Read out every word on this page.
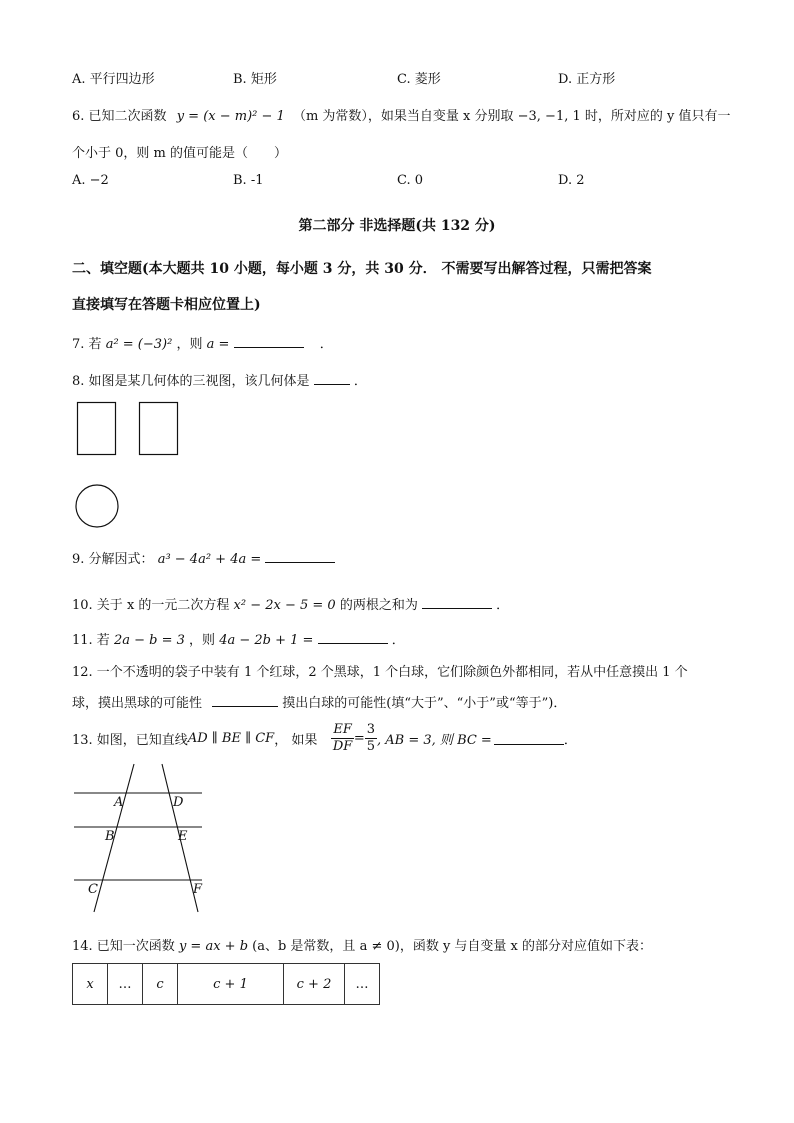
A. 平行四边形	B. 矩形	C. 菱形	D. 正方形
6. 已知二次函数 y = (x − m)² − 1 （m 为常数），如果当自变量 x 分别取 −3, −1, 1 时，所对应的 y 值只有一
个小于 0，则 m 的值可能是（　　）
A. −2	B. -1	C. 0	D. 2
第二部分 非选择题(共 132 分)
二、填空题(本大题共 10 小题，每小题 3 分，共 30 分． 不需要写出解答过程，只需把答案
直接填写在答题卡相应位置上)
7. 若 a² = (−3)² ，则 a =	．
8. 如图是某几何体的三视图，该几何体是	．
9. 分解因式： a³ − 4a² + 4a =
10. 关于 x 的一元二次方程 x² − 2x − 5 = 0 的两根之和为	．
11. 若 2a − b = 3 ，则 4a − 2b + 1 =	．
12. 一个不透明的袋子中装有 1 个红球，2 个黑球，1 个白球，它们除颜色外都相同，若从中任意摸出 1 个
球，摸出黑球的可能性	摸出白球的可能性(填“大于”、“小于”或“等于”)．
13. 如图，已知直线 AD ∥ BE ∥ CF ， 如果 $\frac{EF}{DF} = \frac{3}{5}$ , AB = 3, 则 BC =	．
A	D
B	E
C	F
14. 已知一次函数 y = ax + b (a、b 是常数，且 a ≠ 0)，函数 y 与自变量 x 的部分对应值如下表：
x	…	c	c + 1	c + 2	…
